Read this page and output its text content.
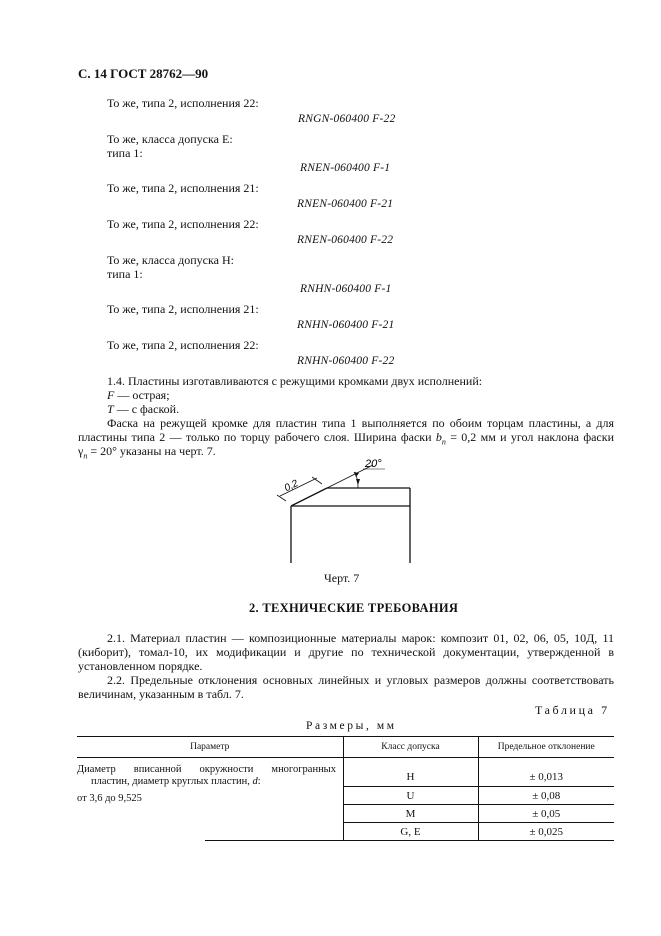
С. 14 ГОСТ 28762—90
То же, типа 2, исполнения 22:
RNGN-060400 F-22
То же, класса допуска E:
типа 1:
RNEN-060400 F-1
То же, типа 2, исполнения 21:
RNEN-060400 F-21
То же, типа 2, исполнения 22:
RNEN-060400 F-22
То же, класса допуска H:
типа 1:
RNHN-060400 F-1
То же, типа 2, исполнения 21:
RNHN-060400 F-21
То же, типа 2, исполнения 22:
RNHN-060400 F-22
1.4. Пластины изготавливаются с режущими кромками двух исполнений:
F — острая;
T — с фаской.
Фаска на режущей кромке для пластин типа 1 выполняется по обоим торцам пластины, а для
пластины типа 2 — только по торцу рабочего слоя. Ширина фаски $b_n = 0,2$ мм и угол наклона фаски
$\gamma_n = 20^\circ$ указаны на черт. 7.
0,2
20°
Черт. 7
2. ТЕХНИЧЕСКИЕ ТРЕБОВАНИЯ
2.1. Материал пластин — композиционные материалы марок: композит 01, 02, 06, 05, 10Д, 11
(киборит), томал-10, их модификации и другие по технической документации, утвержденной в
установленном порядке.
2.2. Предельные отклонения основных линейных и угловых размеров должны соответствовать
величинам, указанным в табл. 7.
Таблица 7
Размеры, мм
Параметр		Класс допуска	Предельное отклонение

Диаметр вписанной окружности многогранных
пластин, диаметр круглых пластин, d:
от 3,6 до 9,525		H	± 0,013
		U	± 0,08
		M	± 0,05
		G, E	± 0,025
